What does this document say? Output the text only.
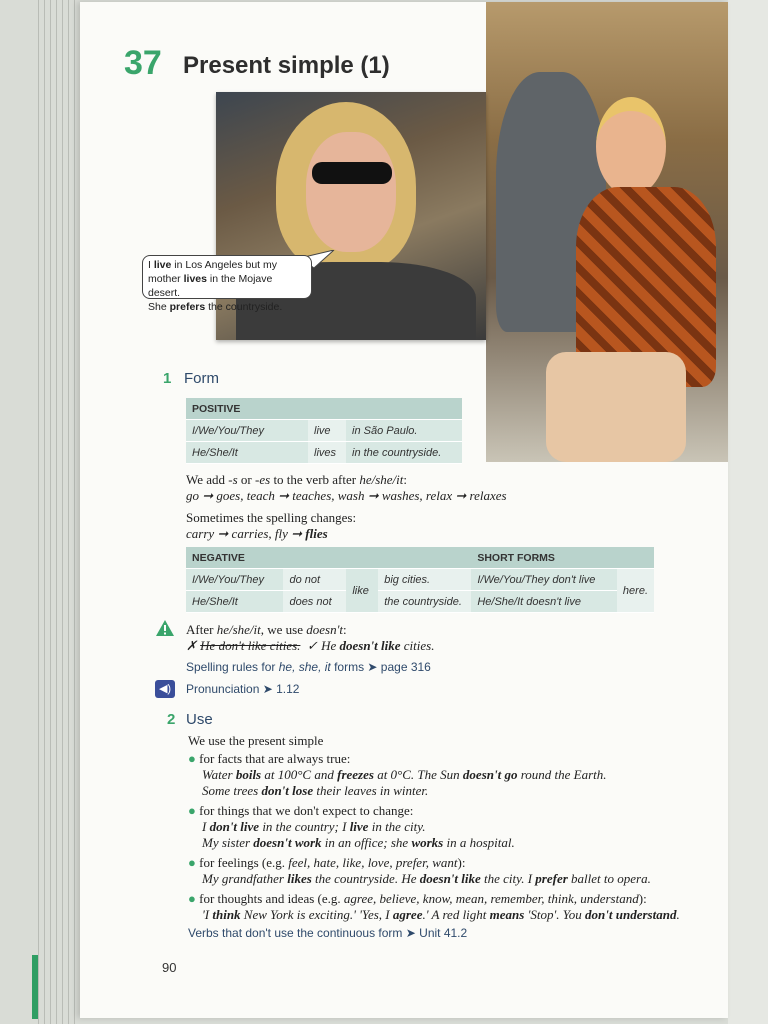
37 Present simple (1)
I live in Los Angeles but my
mother lives in the Mojave desert.
She prefers the countryside.
1 Form
POSITIVE		
I/We/You/They	live	in São Paulo.
He/She/It	lives	in the countryside.
We add -s or -es to the verb after he/she/it:
go ➞ goes, teach ➞ teaches, wash ➞ washes, relax ➞ relaxes
Sometimes the spelling changes:
carry ➞ carries, fly ➞ flies
NEGATIVE				SHORT FORMS	
I/We/You/They	do not	like	big cities.	I/We/You/They don't live	here.
He/She/It	does not		the countryside.	He/She/It doesn't live	
After he/she/it, we use doesn't:
✗ He don't like cities. ✓ He doesn't like cities.
Spelling rules for he, she, it forms ➤ page 316
◀)	Pronunciation ➤ 1.12
2 Use
We use the present simple
● for facts that are always true:
Water boils at 100°C and freezes at 0°C. The Sun doesn't go round the Earth.
Some trees don't lose their leaves in winter.
● for things that we don't expect to change:
I don't live in the country; I live in the city.
My sister doesn't work in an office; she works in a hospital.
● for feelings (e.g. feel, hate, like, love, prefer, want):
My grandfather likes the countryside. He doesn't like the city. I prefer ballet to opera.
● for thoughts and ideas (e.g. agree, believe, know, mean, remember, think, understand):
'I think New York is exciting.' 'Yes, I agree.' A red light means 'Stop'. You don't understand.
Verbs that don't use the continuous form ➤ Unit 41.2
90
